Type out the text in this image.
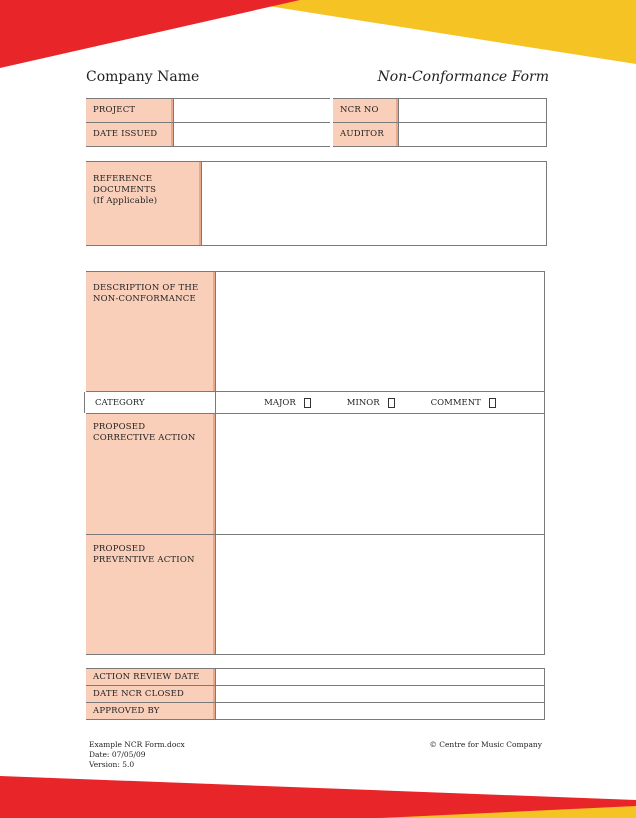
Company Name	Non-Conformance Form
PROJECT		NCR NO	
DATE ISSUED		AUDITOR	
REFERENCE
DOCUMENTS
(If Applicable)

DESCRIPTION OF THE
NON-CONFORMANCE	

CATEGORY	MAJOR MINOR COMMENT

PROPOSED
CORRECTIVE ACTION	

PROPOSED
PREVENTIVE ACTION	

ACTION REVIEW DATE	
DATE NCR CLOSED	
APPROVED BY	
Example NCR Form.docx
Date: 07/05/09
Version: 5.0
© Centre for Music Company
